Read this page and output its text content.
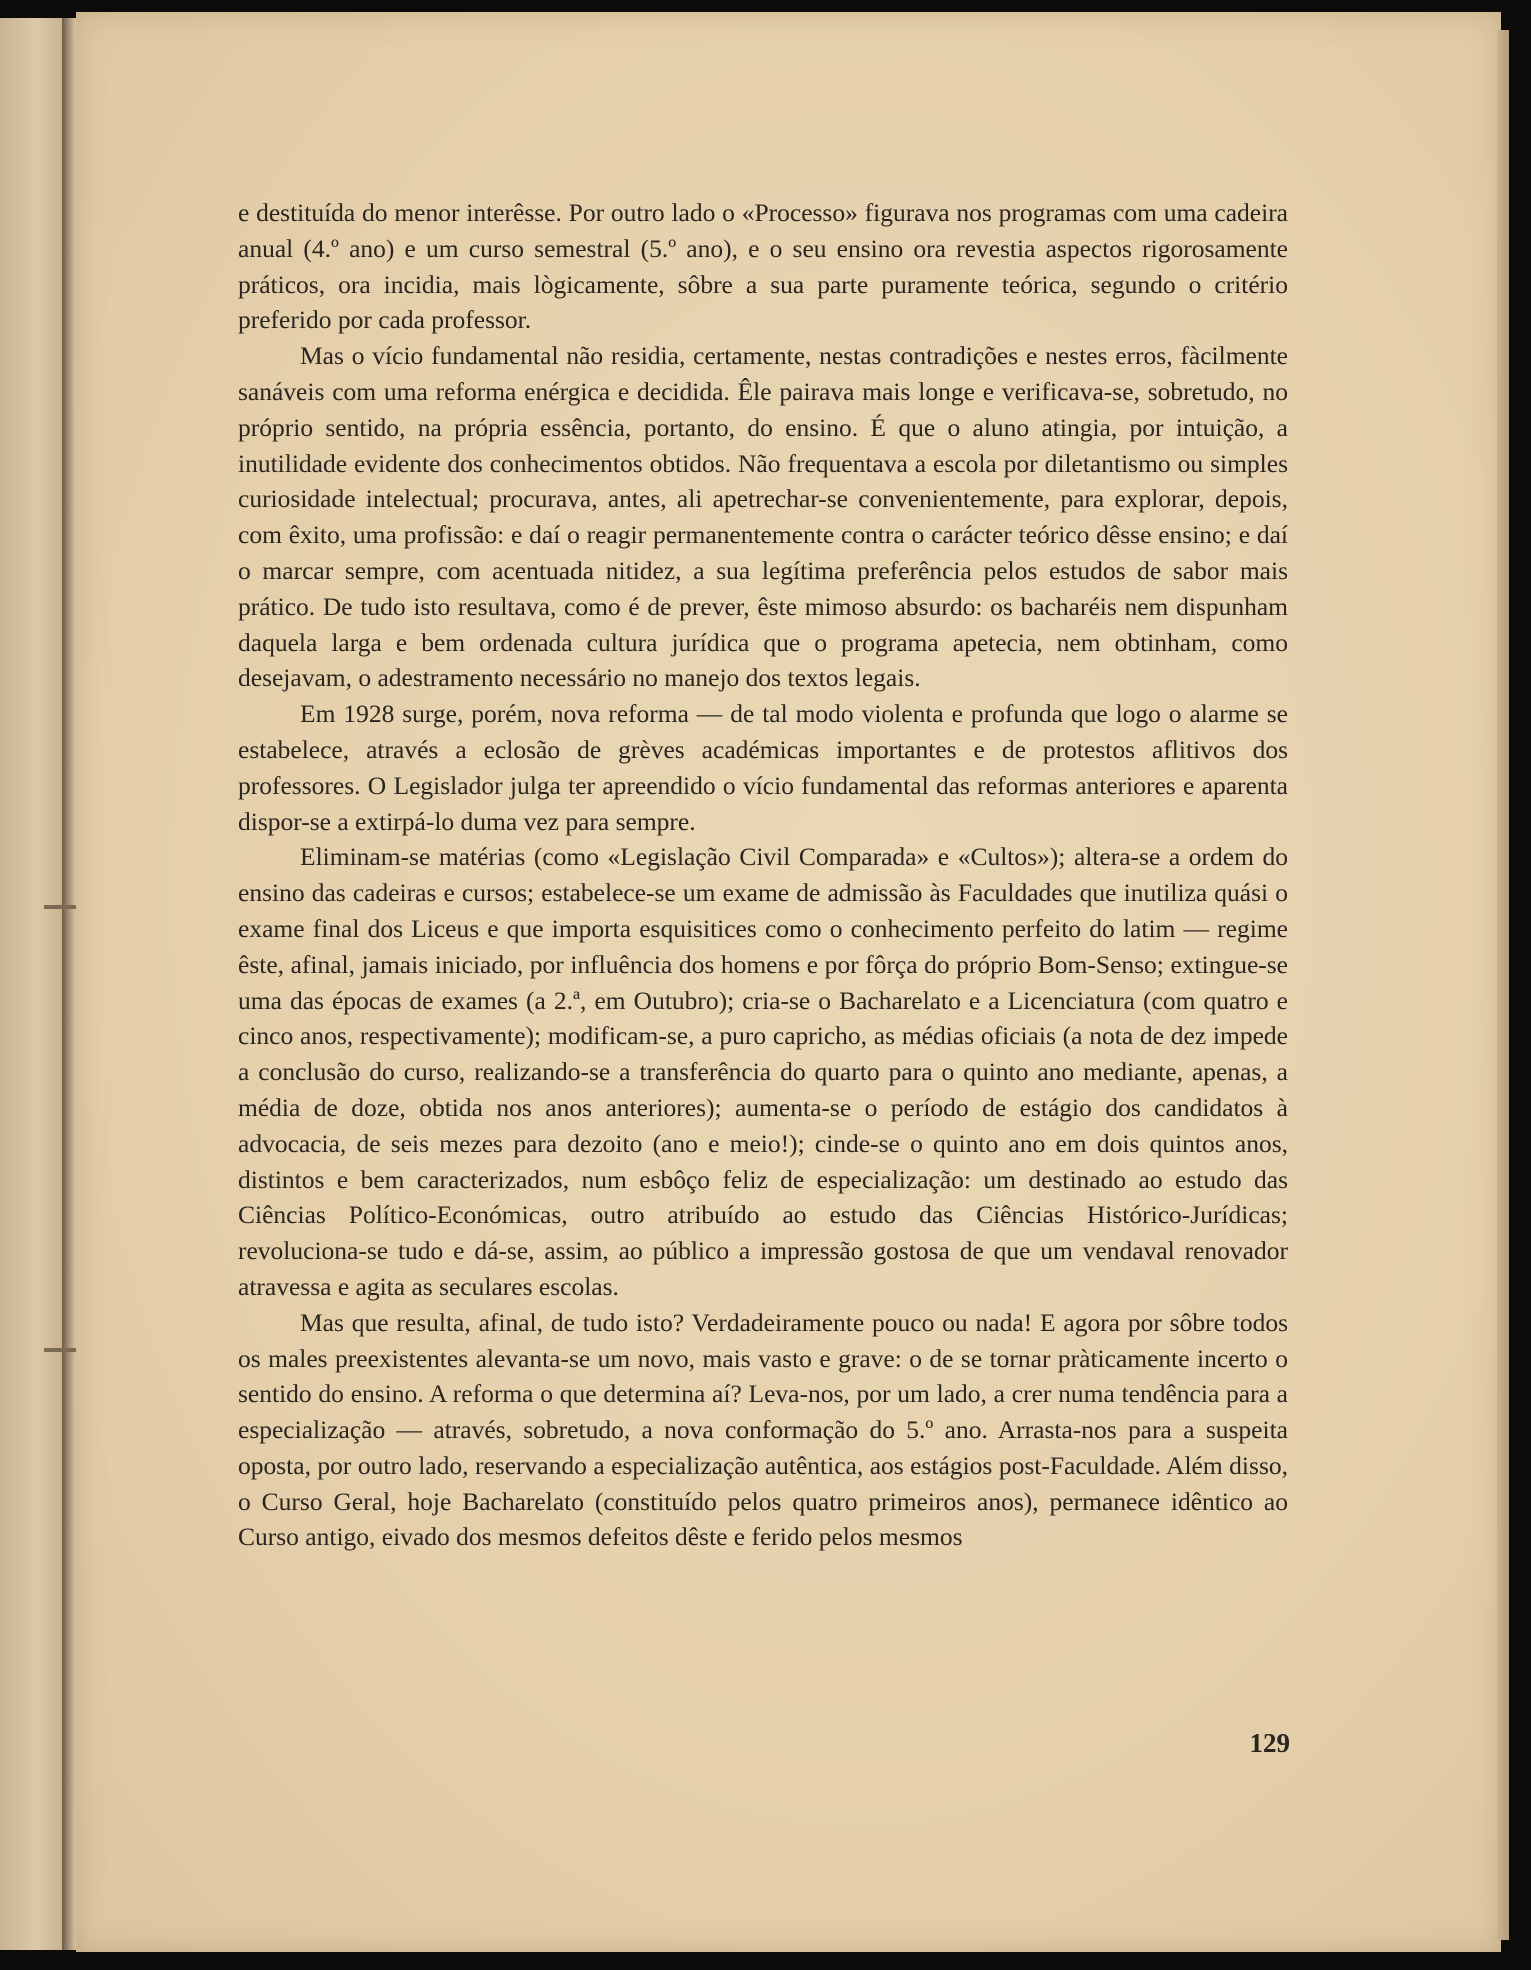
e destituída do menor interêsse. Por outro lado o «Processo» figurava nos programas com uma cadeira anual (4.º ano) e um curso semestral (5.º ano), e o seu ensino ora revestia aspectos rigorosamente práticos, ora incidia, mais lògicamente, sôbre a sua parte puramente teórica, segundo o critério preferido por cada professor.

Mas o vício fundamental não residia, certamente, nestas contradições e nestes erros, fàcilmente sanáveis com uma reforma enérgica e decidida. Êle pairava mais longe e verificava-se, sobretudo, no próprio sentido, na própria essência, portanto, do ensino. É que o aluno atingia, por intuição, a inutilidade evidente dos conhecimentos obtidos. Não frequentava a escola por diletantismo ou simples curiosidade intelectual; procurava, antes, ali apetrechar-se convenientemente, para explorar, depois, com êxito, uma profissão: e daí o reagir permanentemente contra o carácter teórico dêsse ensino; e daí o marcar sempre, com acentuada nitidez, a sua legítima preferência pelos estudos de sabor mais prático. De tudo isto resultava, como é de prever, êste mimoso absurdo: os bacharéis nem dispunham daquela larga e bem ordenada cultura jurídica que o programa apetecia, nem obtinham, como desejavam, o adestramento necessário no manejo dos textos legais.

Em 1928 surge, porém, nova reforma — de tal modo violenta e profunda que logo o alarme se estabelece, através a eclosão de grèves académicas importantes e de protestos aflitivos dos professores. O Legislador julga ter apreendido o vício fundamental das reformas anteriores e aparenta dispor-se a extirpá-lo duma vez para sempre.

Eliminam-se matérias (como «Legislação Civil Comparada» e «Cultos»); altera-se a ordem do ensino das cadeiras e cursos; estabelece-se um exame de admissão às Faculdades que inutiliza quási o exame final dos Liceus e que importa esquisitices como o conhecimento perfeito do latim — regime êste, afinal, jamais iniciado, por influência dos homens e por fôrça do próprio Bom-Senso; extingue-se uma das épocas de exames (a 2.ª, em Outubro); cria-se o Bacharelato e a Licenciatura (com quatro e cinco anos, respectivamente); modificam-se, a puro capricho, as médias oficiais (a nota de dez impede a conclusão do curso, realizando-se a transferência do quarto para o quinto ano mediante, apenas, a média de doze, obtida nos anos anteriores); aumenta-se o período de estágio dos candidatos à advocacia, de seis mezes para dezoito (ano e meio!); cinde-se o quinto ano em dois quintos anos, distintos e bem caracterizados, num esbôço feliz de especialização: um destinado ao estudo das Ciências Político-Económicas, outro atribuído ao estudo das Ciências Histórico-Jurídicas; revoluciona-se tudo e dá-se, assim, ao público a impressão gostosa de que um vendaval renovador atravessa e agita as seculares escolas.

Mas que resulta, afinal, de tudo isto? Verdadeiramente pouco ou nada! E agora por sôbre todos os males preexistentes alevanta-se um novo, mais vasto e grave: o de se tornar pràticamente incerto o sentido do ensino. A reforma o que determina aí? Leva-nos, por um lado, a crer numa tendência para a especialização — através, sobretudo, a nova conformação do 5.º ano. Arrasta-nos para a suspeita oposta, por outro lado, reservando a especialização autêntica, aos estágios post-Faculdade. Além disso, o Curso Geral, hoje Bacharelato (constituído pelos quatro primeiros anos), permanece idêntico ao Curso antigo, eivado dos mesmos defeitos dêste e ferido pelos mesmos

129
